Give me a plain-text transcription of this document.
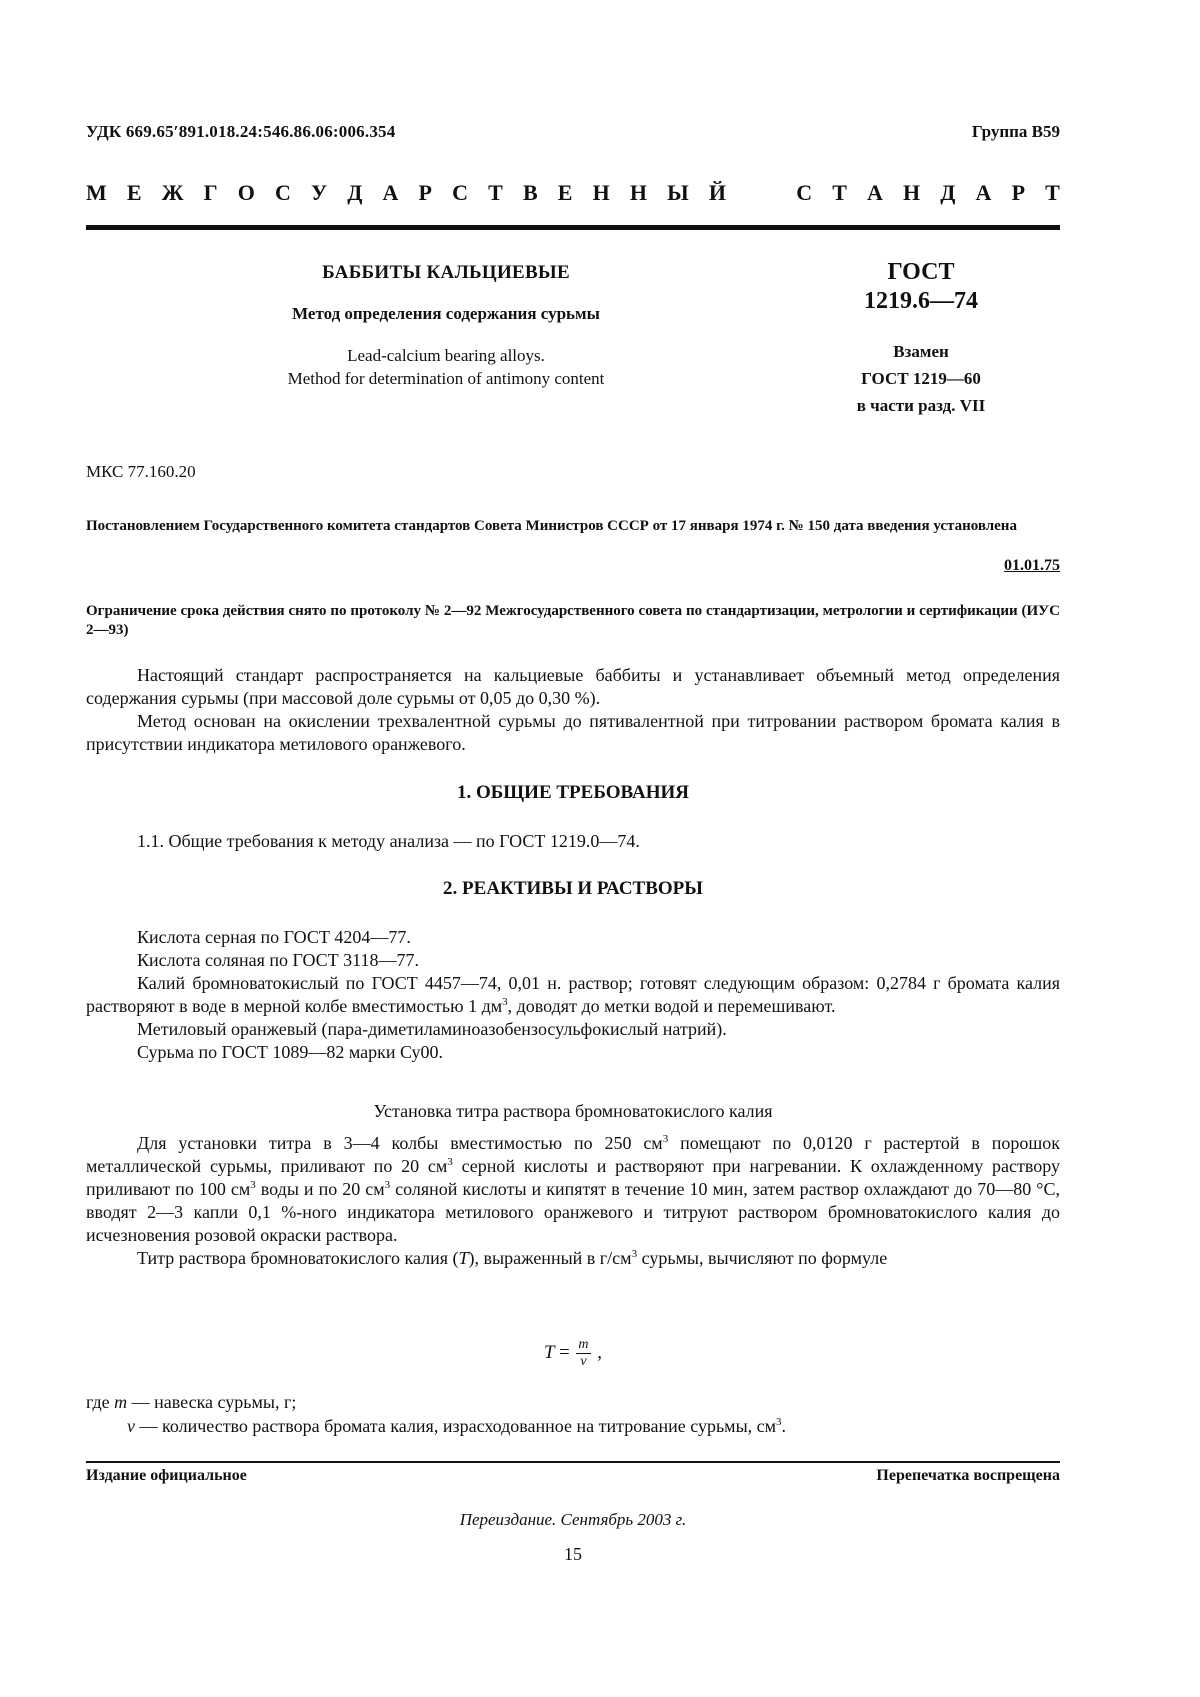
УДК 669.65′891.018.24:546.86.06:006.354	Группа В59
М Е Ж Г О С У Д А Р С Т В Е Н Н Ы Й	С Т А Н Д А Р Т
БАББИТЫ КАЛЬЦИЕВЫЕ
Метод определения содержания сурьмы
Lead-calcium bearing alloys.
Method for determination of antimony content
ГОСТ
1219.6—74
Взамен
ГОСТ 1219—60
в части разд. VII
МКС 77.160.20
Постановлением Государственного комитета стандартов Совета Министров СССР от 17 января 1974 г. № 150 дата введения установлена
01.01.75
Ограничение срока действия снято по протоколу № 2—92 Межгосударственного совета по стандартизации, метрологии и сертификации (ИУС 2—93)

Настоящий стандарт распространяется на кальциевые баббиты и устанавливает объемный метод определения содержания сурьмы (при массовой доле сурьмы от 0,05 до 0,30 %).

Метод основан на окислении трехвалентной сурьмы до пятивалентной при титровании раствором бромата калия в присутствии индикатора метилового оранжевого.

1. ОБЩИЕ ТРЕБОВАНИЯ

1.1. Общие требования к методу анализа — по ГОСТ 1219.0—74.

2. РЕАКТИВЫ И РАСТВОРЫ

Кислота серная по ГОСТ 4204—77.

Кислота соляная по ГОСТ 3118—77.

Калий бромноватокислый по ГОСТ 4457—74, 0,01 н. раствор; готовят следующим образом: 0,2784 г бромата калия растворяют в воде в мерной колбе вместимостью 1 $дм^3$, доводят до метки водой и перемешивают.

Метиловый оранжевый (пара-диметиламиноазобензосульфокислый натрий).

Сурьма по ГОСТ 1089—82 марки Су00.

Установка титра раствора бромноватокислого калия

Для установки титра в 3—4 колбы вместимостью по 250 $см^3$ помещают по 0,0120 г растертой в порошок металлической сурьмы, приливают по 20 $см^3$ серной кислоты и растворяют при нагревании. К охлажденному раствору приливают по 100 $см^3$ воды и по 20 $см^3$ соляной кислоты и кипятят в течение 10 мин, затем раствор охлаждают до 70—80 °С, вводят 2—3 капли 0,1 %-ного индикатора метилового оранжевого и титруют раствором бромноватокислого калия до исчезновения розовой окраски раствора.

Титр раствора бромноватокислого калия (T), выраженный в $г/см^3$ сурьмы, вычисляют по формуле

$T = \frac{m}{v}$ ,
где m — навеска сурьмы, г;
v — количество раствора бромата калия, израсходованное на титрование сурьмы, $см^3$.
Издание официальное	Перепечатка воспрещена
Переиздание. Сентябрь 2003 г.
15
